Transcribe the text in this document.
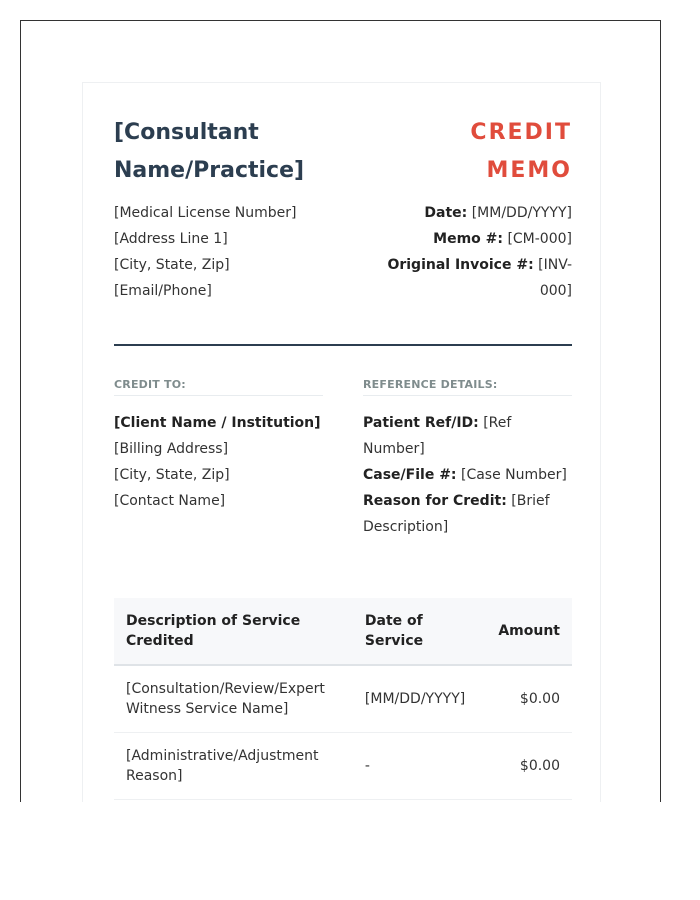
[Consultant Name/Practice]
CREDIT MEMO
[Medical License Number]
[Address Line 1]
[City, State, Zip]
[Email/Phone]
Date: [MM/DD/YYYY]
Memo #: [CM-000]
Original Invoice #: [INV-000]
CREDIT TO:
[Client Name / Institution]
[Billing Address]
[City, State, Zip]
[Contact Name]
REFERENCE DETAILS:
Patient Ref/ID: [Ref Number]
Case/File #: [Case Number]
Reason for Credit: [Brief Description]
Description of Service Credited	Date of Service	Amount
[Consultation/Review/Expert Witness Service Name]	[MM/DD/YYYY]	$0.00
[Administrative/Adjustment Reason]	-	$0.00
